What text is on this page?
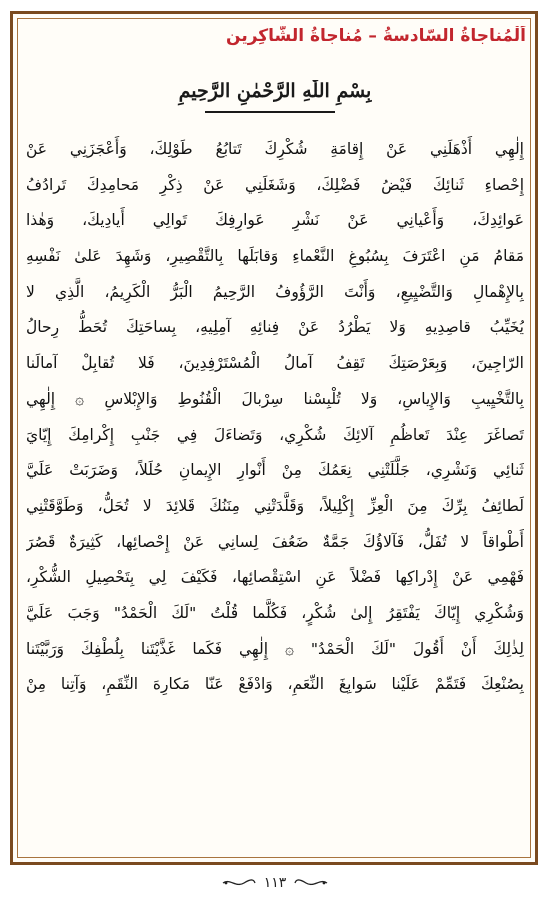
اَلْمُناجاةُ السّادسةُ – مُناجاةُ الشّاكِرين
بِسْمِ اللّٰهِ الرَّحْمٰنِ الرَّحِيمِ
إِلٰهِي أَذْهَلَنِي عَنْ إِقامَةِ شُكْرِكَ تَتابُعُ طَوْلِكَ، وَأَعْجَزَنِي عَنْ
إِحْصاءِ ثَنائِكَ فَيْضُ فَضْلِكَ، وَشَغَلَنِي عَنْ ذِكْرِ مَحامِدِكَ تَرادُفُ
عَوائِدِكَ، وَأَعْيانِي عَنْ نَشْرِ عَوارِفِكَ تَوالِي أَيادِيكَ، وَهٰذا
مَقامُ مَنِ اعْتَرَفَ بِسُبُوغِ النَّعْماءِ وَقابَلَها بِالتَّقْصِيرِ، وَشَهِدَ عَلىٰ نَفْسِهِ
بِالإِهْمالِ وَالتَّضْيِيعِ، وَأَنْتَ الرَّؤُوفُ الرَّحِيمُ الْبَرُّ الْكَرِيمُ، الَّذِي لا
يُخَيِّبُ قاصِدِيهِ وَلا يَطْرُدُ عَنْ فِنائِهِ آمِلِيهِ، بِساحَتِكَ تُحَطُّ رِحالُ
الرّاجِينَ، وَبِعَرْصَتِكَ تَقِفُ آمالُ الْمُسْتَرْفِدِينَ، فَلا تُقابِلْ آمالَنا
بِالتَّخْيِيبِ وَالإِياسِ، وَلا تُلْبِسْنا سِرْبالَ الْقُنُوطِ وَالإِبْلاسِ ۞ إِلٰهِي
تَصاغَرَ عِنْدَ تَعاظُمِ آلائِكَ شُكْرِي، وَتَضاءَلَ فِي جَنْبِ إِكْرامِكَ إِيّايَ
ثَنائِي وَنَشْرِي، جَلَّلَتْنِي نِعَمُكَ مِنْ أَنْوارِ الإِيمانِ حُلَلاً، وَضَرَبَتْ عَلَيَّ
لَطائِفُ بِرِّكَ مِنَ الْعِزِّ إِكْلِيلاً، وَقَلَّدَتْنِي مِنَنُكَ قَلائِدَ لا تُحَلُّ، وَطَوَّقَتْنِي
أَطْواقاً لا تُفَلُّ، فَآلاؤُكَ جَمَّةٌ ضَعُفَ لِسانِي عَنْ إِحْصائِها، كَثِيرَةٌ قَصُرَ
فَهْمِي عَنْ إِدْراكِها فَضْلاً عَنِ اسْتِقْصائِها، فَكَيْفَ لِي بِتَحْصِيلِ الشُّكْرِ،
وَشُكْرِي إِيّاكَ يَفْتَقِرُ إِلىٰ شُكْرٍ، فَكُلَّما قُلْتُ "لَكَ الْحَمْدُ" وَجَبَ عَلَيَّ
لِذٰلِكَ أَنْ أَقُولَ "لَكَ الْحَمْدُ" ۞ إِلٰهِي فَكَما غَذَّيْتَنا بِلُطْفِكَ وَرَبَّيْتَنا
بِصُنْعِكَ فَتَمِّمْ عَلَيْنا سَوابِغَ النِّعَمِ، وَادْفَعْ عَنّا مَكارِهَ النِّقَمِ، وَآتِنا مِنْ
١١٣
